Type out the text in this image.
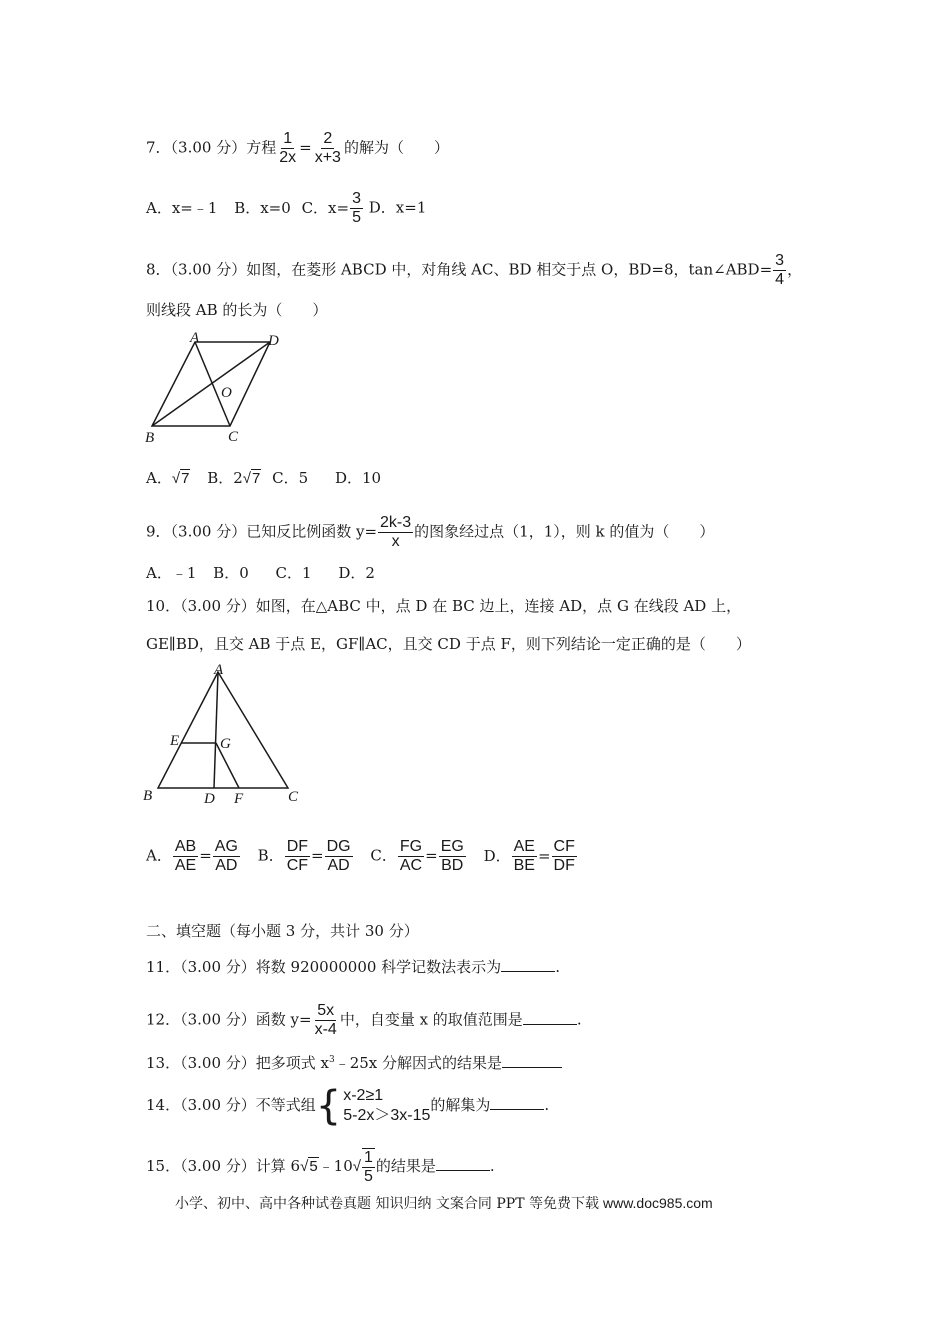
7．（3.00 分）方程 $\frac{1}{2x} = \frac{2}{x+3}$ 的解为（　　）
A．x=﹣1 B．x=0 C．$x= \frac{3}{5}$ D．x=1
8．（3.00 分）如图，在菱形 ABCD 中，对角线 AC、BD 相交于点 O，BD=8，tan∠ABD= $\frac{3}{4}$ ，
则线段 AB 的长为（　　）
A	D
O
B	C
A．√7 B．2√7 C．5 D．10
9．（3.00 分）已知反比例函数 $y= \frac{2k-3}{x}$ 的图象经过点（1，1），则 k 的值为（　　）
A．﹣1 B．0 C．1 D．2
10．（3.00 分）如图，在△ABC 中，点 D 在 BC 边上，连接 AD，点 G 在线段 AD 上，
GE∥BD，且交 AB 于点 E，GF∥AC，且交 CD 于点 F，则下列结论一定正确的是（　　）
A
E	G
B	D F	C
A． $\frac{AB}{AE} = \frac{AG}{AD}$ B． $\frac{DF}{CF} = \frac{DG}{AD}$ C． $\frac{FG}{AC} = \frac{EG}{BD}$ D． $\frac{AE}{BE} = \frac{CF}{DF}$
二、填空题（每小题 3 分，共计 30 分）
11．（3.00 分）将数 920000000 科学记数法表示为	.
12．（3.00 分）函数 $y= \frac{5x}{x-4}$ 中，自变量 x 的取值范围是	.
13．（3.00 分）把多项式 $x^3﹣25x$ 分解因式的结果是
14．（3.00 分）不等式组 { x-2≥1
5-2x＞3x-15
的解集为	.
15．（3.00 分）计算 6√5﹣10√ $\frac{1}{5}$ 的结果是	.
小学、初中、高中各种试卷真题 知识归纳 文案合同 PPT 等免费下载 www.doc985.com
